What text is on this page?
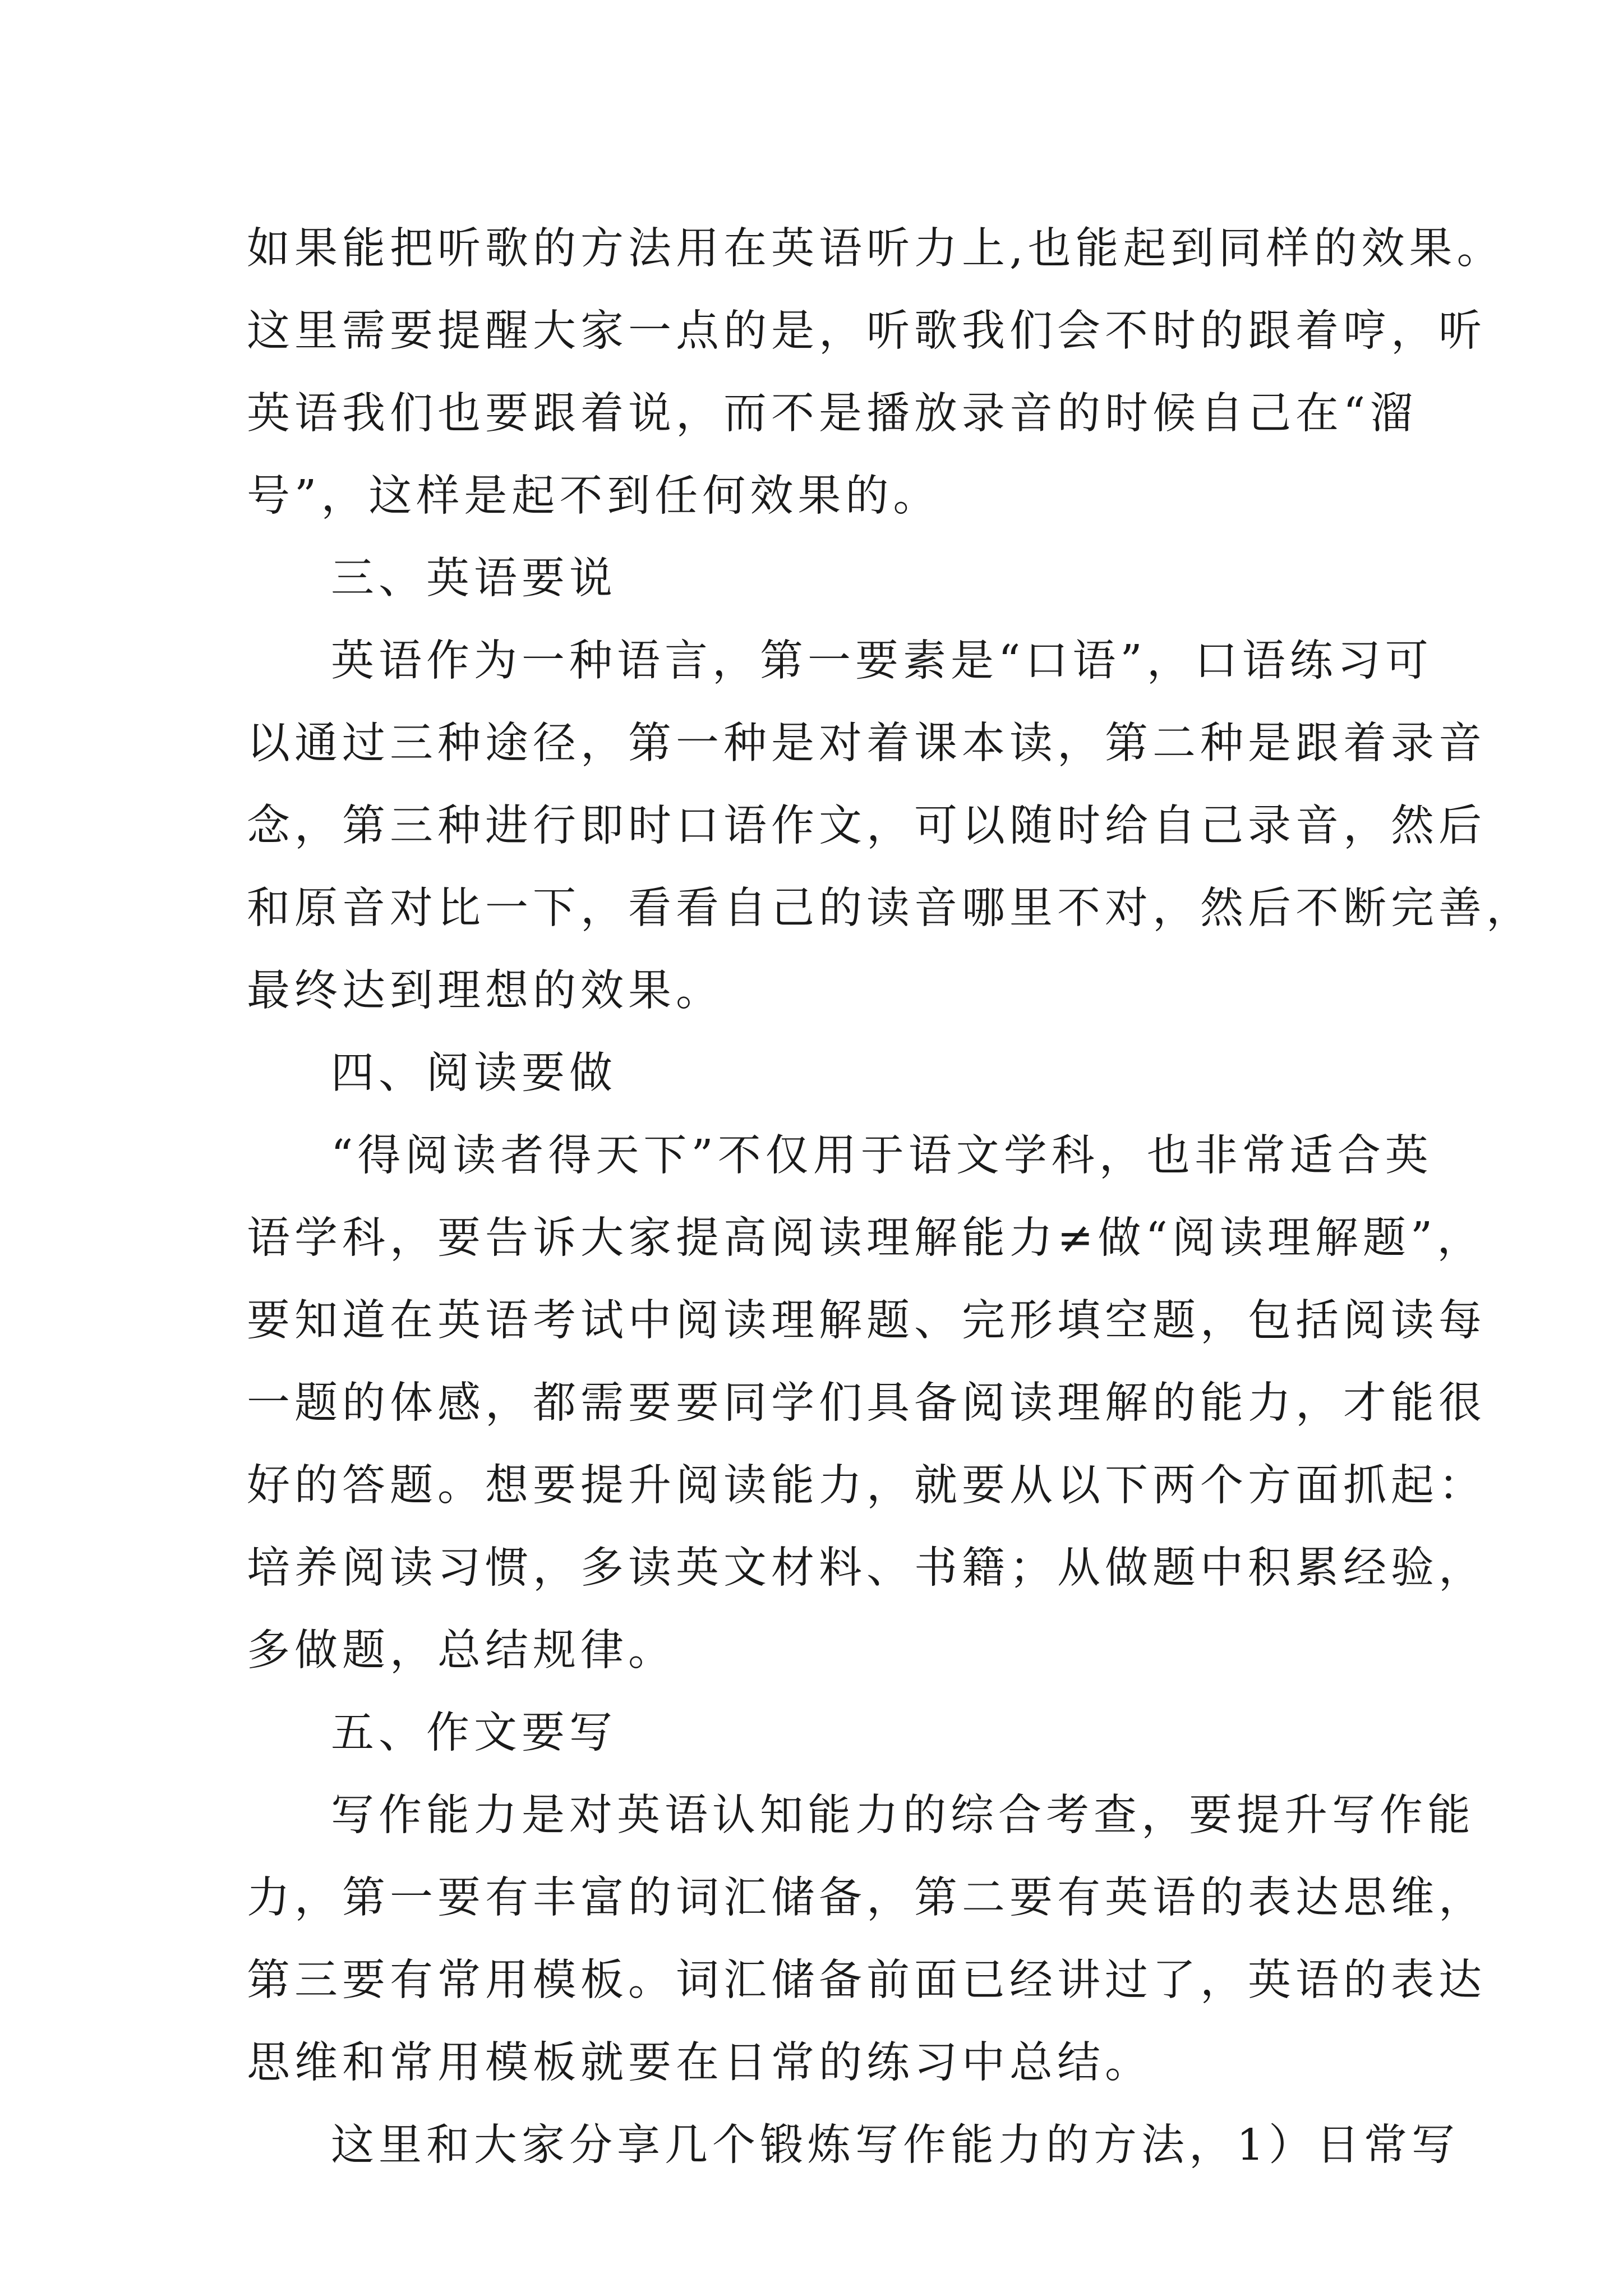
如果能把听歌的方法用在英语听力上,也能起到同样的效果。
这里需要提醒大家一点的是，听歌我们会不时的跟着哼，听
英语我们也要跟着说，而不是播放录音的时候自己在“溜
号”，这样是起不到任何效果的。
三、英语要说
英语作为一种语言，第一要素是“口语”，口语练习可
以通过三种途径，第一种是对着课本读，第二种是跟着录音
念，第三种进行即时口语作文，可以随时给自己录音，然后
和原音对比一下，看看自己的读音哪里不对，然后不断完善，
最终达到理想的效果。
四、阅读要做
“得阅读者得天下”不仅用于语文学科，也非常适合英
语学科，要告诉大家提高阅读理解能力≠做“阅读理解题”，
要知道在英语考试中阅读理解题、完形填空题，包括阅读每
一题的体感，都需要要同学们具备阅读理解的能力，才能很
好的答题。想要提升阅读能力，就要从以下两个方面抓起：
培养阅读习惯，多读英文材料、书籍；从做题中积累经验，
多做题，总结规律。
五、作文要写
写作能力是对英语认知能力的综合考查，要提升写作能
力，第一要有丰富的词汇储备，第二要有英语的表达思维，
第三要有常用模板。词汇储备前面已经讲过了，英语的表达
思维和常用模板就要在日常的练习中总结。
这里和大家分享几个锻炼写作能力的方法，1）日常写
